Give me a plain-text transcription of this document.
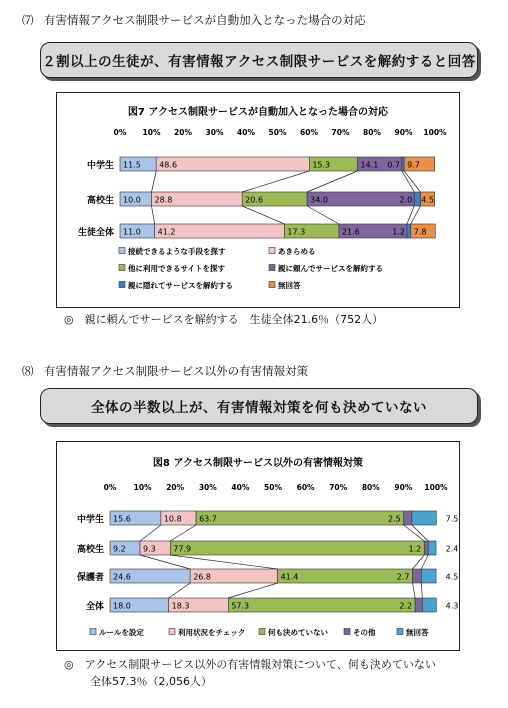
⑺ 有害情報アクセス制限サービスが自動加入となった場合の対応
２割以上の生徒が、有害情報アクセス制限サービスを解約すると回答
図7 アクセス制限サービスが自動加入となった場合の対応
0% 10% 20% 30% 40% 50% 60% 70% 80% 90% 100%
中学生
高校生
生徒全体
11.5 48.6	15.3	14.1 0.7 9.7
10.0 28.8	20.6	34.0	2.0 4.5
11.0 41.2	17.3	21.6	1.2 7.8
接続できるような手段を探す	あきらめる
他に利用できるサイトを探す	親に頼んでサービスを解約する
親に隠れてサービスを解約する	無回答
◎　 親に頼んでサービスを解約する　生徒全体21.6％（752人）
⑻ 有害情報アクセス制限サービス以外の有害情報対策
全体の半数以上が、有害情報対策を何も決めていない
図8 アクセス制限サービス以外の有害情報対策
0% 10% 20% 30% 40% 50% 60% 70% 80% 90% 100%
中学生
高校生
保護者
全体
15.6	10.8 63.7	2.5	7.5
9.2 9.3 77.9	1.2	2.4
24.6	26.8	41.4	2.7	4.5
18.0	18.3	57.3	2.2	4.3
ルールを設定	利用状況をチェック	何も決めていない	その他	無回答
◎　 アクセス制限サービス以外の有害情報対策について、何も決めていない
全体57.3％（2,056人）
